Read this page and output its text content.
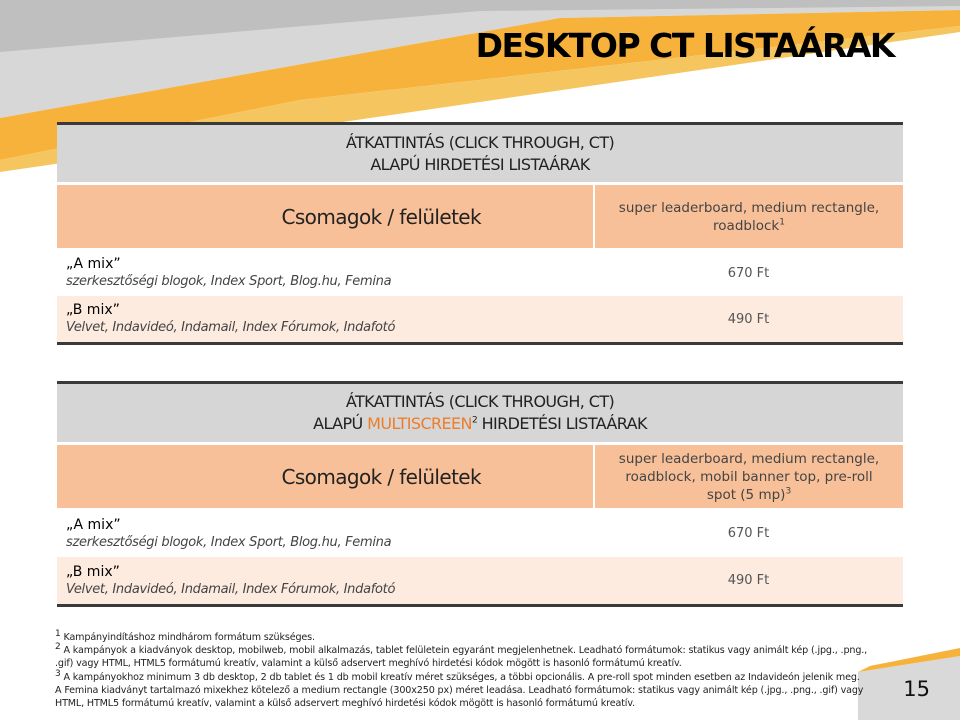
DESKTOP CT LISTAÁRAK
ÁTKATTINTÁS (CLICK THROUGH, CT)
ALAPÚ HIRDETÉSI LISTAÁRAK	

Csomagok / felületek	super leaderboard, medium rectangle, roadblock$^1$

„A mix”
szerkesztőségi blogok, Index Sport, Blog.hu, Femina	670 Ft

„B mix”
Velvet, Indavideó, Indamail, Index Fórumok, Indafotó	490 Ft
ÁTKATTINTÁS (CLICK THROUGH, CT)
ALAPÚ MULTISCREEN$^2$ HIRDETÉSI LISTAÁRAK	

Csomagok / felületek	super leaderboard, medium rectangle, roadblock, mobil banner top, pre-roll spot (5 mp)$^3$

„A mix”
szerkesztőségi blogok, Index Sport, Blog.hu, Femina	670 Ft

„B mix”
Velvet, Indavideó, Indamail, Index Fórumok, Indafotó	490 Ft

$^1$ Kampányindításhoz mindhárom formátum szükséges.

$^2$ A kampányok a kiadványok desktop, mobilweb, mobil alkalmazás, tablet felületein egyaránt megjelenhetnek. Leadható formátumok: statikus vagy animált kép (.jpg., .png., .gif) vagy HTML, HTML5 formátumú kreatív, valamint a külső adservert meghívó hirdetési kódok mögött is hasonló formátumú kreatív.

$^3$ A kampányokhoz minimum 3 db desktop, 2 db tablet és 1 db mobil kreatív méret szükséges, a többi opcionális. A pre-roll spot minden esetben az Indavideón jelenik meg.

A Femina kiadványt tartalmazó mixekhez kötelező a medium rectangle (300x250 px) méret leadása. Leadható formátumok: statikus vagy animált kép (.jpg., .png., .gif) vagy HTML, HTML5 formátumú kreatív, valamint a külső adservert meghívó hirdetési kódok mögött is hasonló formátumú kreatív.

15
